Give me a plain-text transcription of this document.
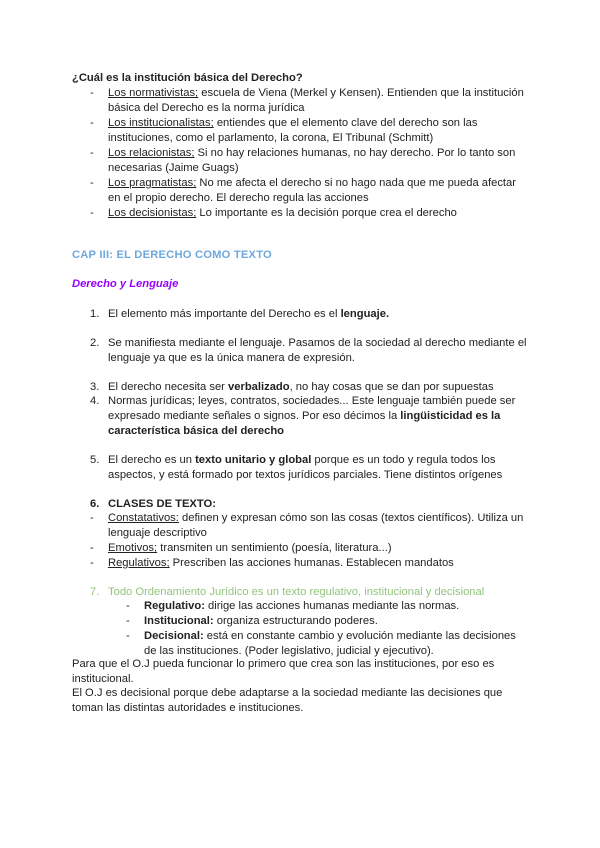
¿Cuál es la institución básica del Derecho?
-	Los normativistas; escuela de Viena (Merkel y Kensen). Entienden que la institución básica del Derecho es la norma jurídica
-	Los institucionalistas; entiendes que el elemento clave del derecho son las instituciones, como el parlamento, la corona, El Tribunal (Schmitt)
-	Los relacionistas; Si no hay relaciones humanas, no hay derecho. Por lo tanto son necesarias (Jaime Guags)
-	Los pragmatistas; No me afecta el derecho si no hago nada que me pueda afectar en el propio derecho. El derecho regula las acciones
-	Los decisionistas; Lo importante es la decisión porque crea el derecho
CAP III: EL DERECHO COMO TEXTO
Derecho y Lenguaje
1. El elemento más importante del Derecho es el lenguaje.
2. Se manifiesta mediante el lenguaje. Pasamos de la sociedad al derecho mediante el lenguaje ya que es la única manera de expresión.
3. El derecho necesita ser verbalizado, no hay cosas que se dan por supuestas
4. Normas jurídicas; leyes, contratos, sociedades... Este lenguaje también puede ser expresado mediante señales o signos. Por eso décimos la lingüisticidad es la característica básica del derecho
5. El derecho es un texto unitario y global porque es un todo y regula todos los aspectos, y está formado por textos jurídicos parciales. Tiene distintos orígenes
6. CLASES DE TEXTO:
-	Constatativos: definen y expresan cómo son las cosas (textos científicos). Utiliza un lenguaje descriptivo
-	Emotivos; transmiten un sentimiento (poesía, literatura...)
-	Regulativos; Prescriben las acciones humanas. Establecen mandatos
7. Todo Ordenamiento Jurídico es un texto regulativo, institucional y decisional
-	Regulativo: dirige las acciones humanas mediante las normas.
-	Institucional: organiza estructurando poderes.
-	Decisional: está en constante cambio y evolución mediante las decisiones de las instituciones. (Poder legislativo, judicial y ejecutivo).
Para que el O.J pueda funcionar lo primero que crea son las instituciones, por eso es institucional.
El O.J es decisional porque debe adaptarse a la sociedad mediante las decisiones que toman las distintas autoridades e instituciones.
